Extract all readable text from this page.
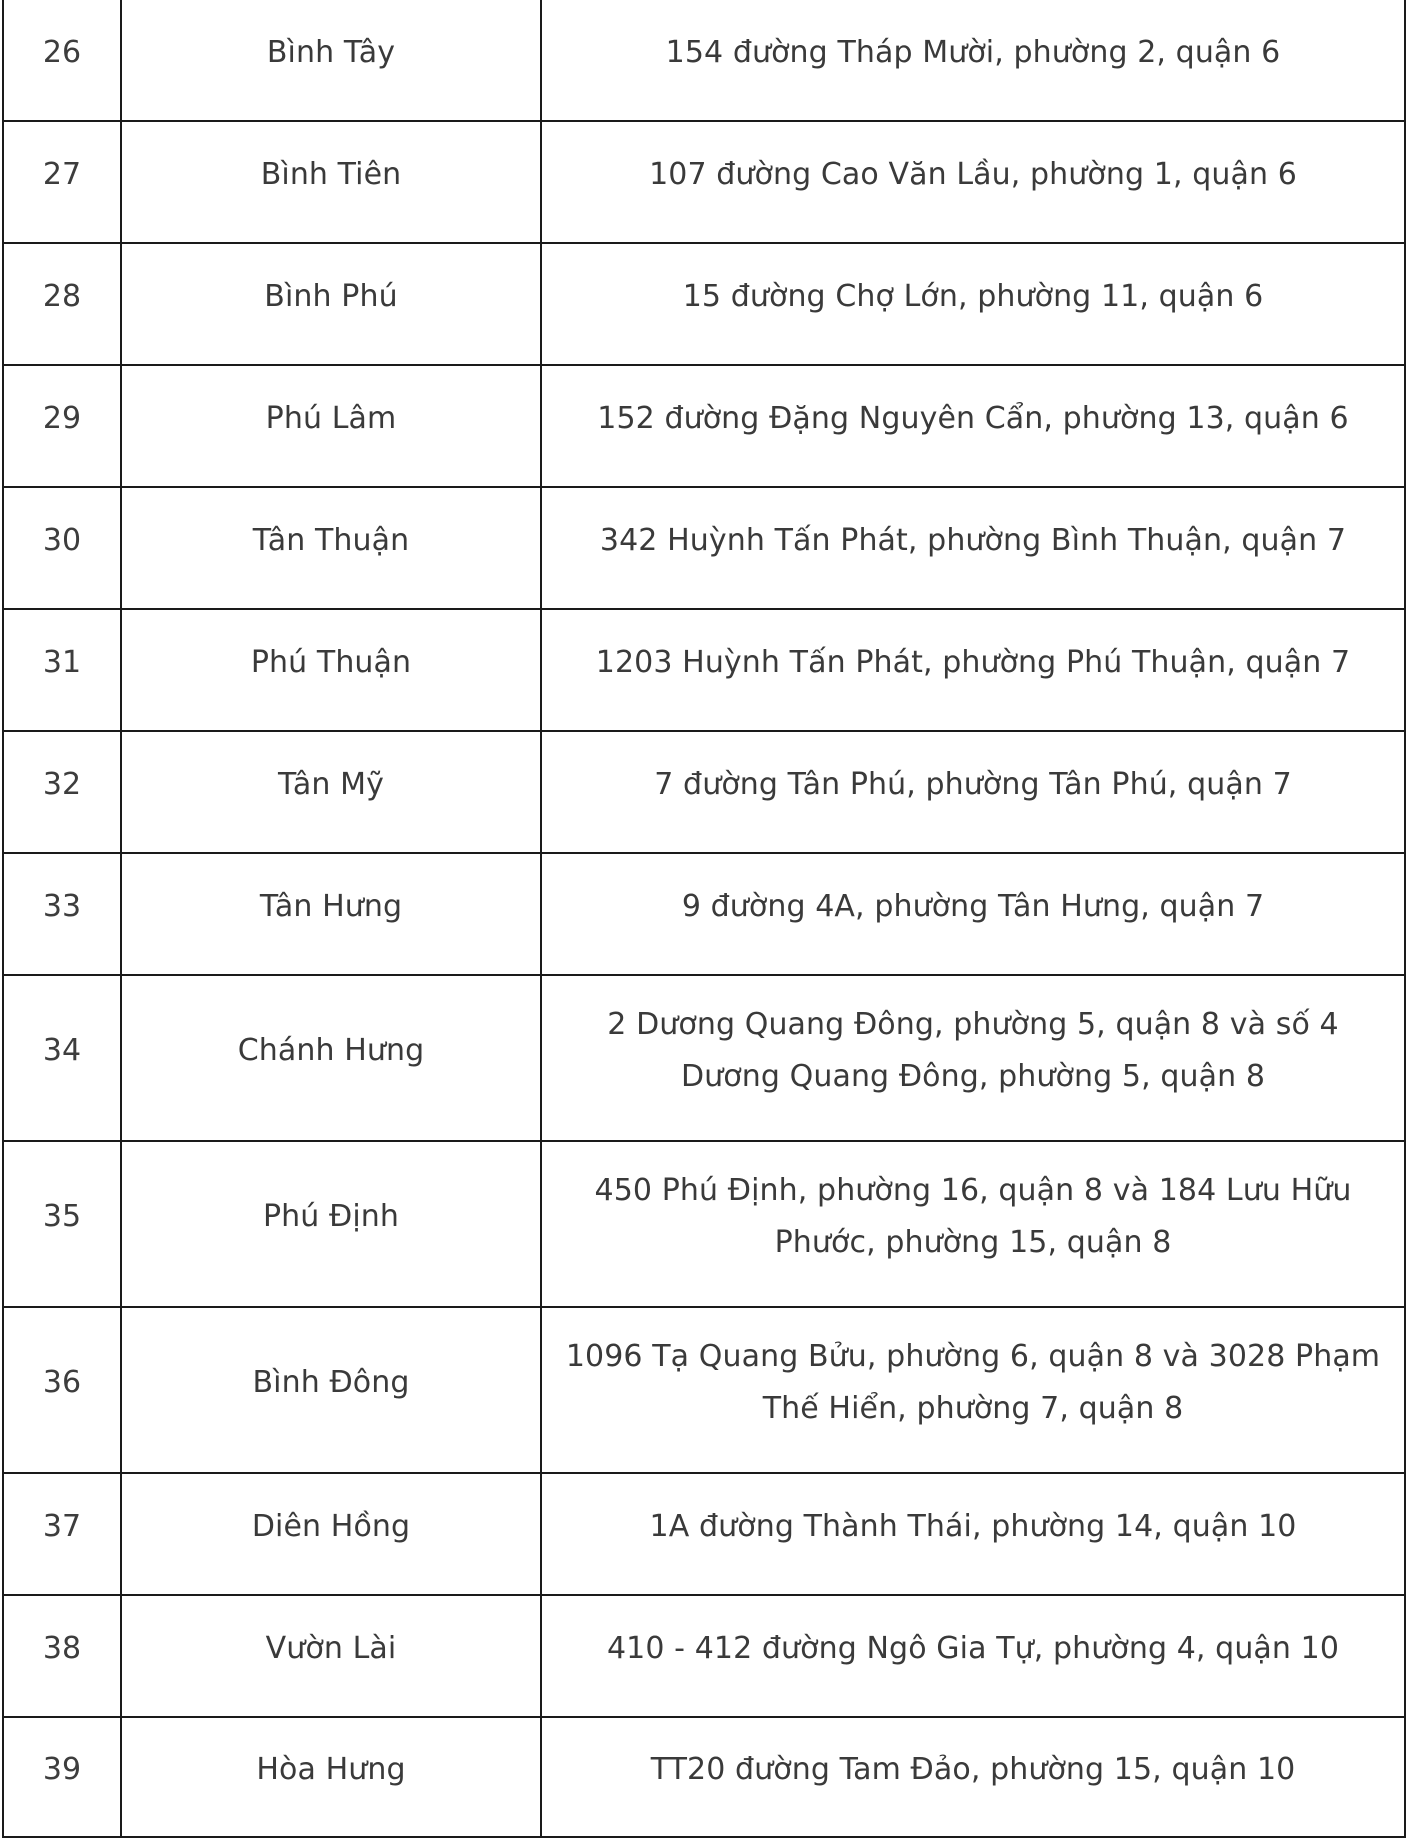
26	Bình Tây	154 đường Tháp Mười, phường 2, quận 6
27	Bình Tiên	107 đường Cao Văn Lầu, phường 1, quận 6
28	Bình Phú	15 đường Chợ Lớn, phường 11, quận 6
29	Phú Lâm	152 đường Đặng Nguyên Cẩn, phường 13, quận 6
30	Tân Thuận	342 Huỳnh Tấn Phát, phường Bình Thuận, quận 7
31	Phú Thuận	1203 Huỳnh Tấn Phát, phường Phú Thuận, quận 7
32	Tân Mỹ	7 đường Tân Phú, phường Tân Phú, quận 7
33	Tân Hưng	9 đường 4A, phường Tân Hưng, quận 7
34	Chánh Hưng	2 Dương Quang Đông, phường 5, quận 8 và số 4 Dương Quang Đông, phường 5, quận 8
35	Phú Định	450 Phú Định, phường 16, quận 8 và 184 Lưu Hữu Phước, phường 15, quận 8
36	Bình Đông	1096 Tạ Quang Bửu, phường 6, quận 8 và 3028 Phạm Thế Hiển, phường 7, quận 8
37	Diên Hồng	1A đường Thành Thái, phường 14, quận 10
38	Vườn Lài	410 - 412 đường Ngô Gia Tự, phường 4, quận 10
39	Hòa Hưng	TT20 đường Tam Đảo, phường 15, quận 10
